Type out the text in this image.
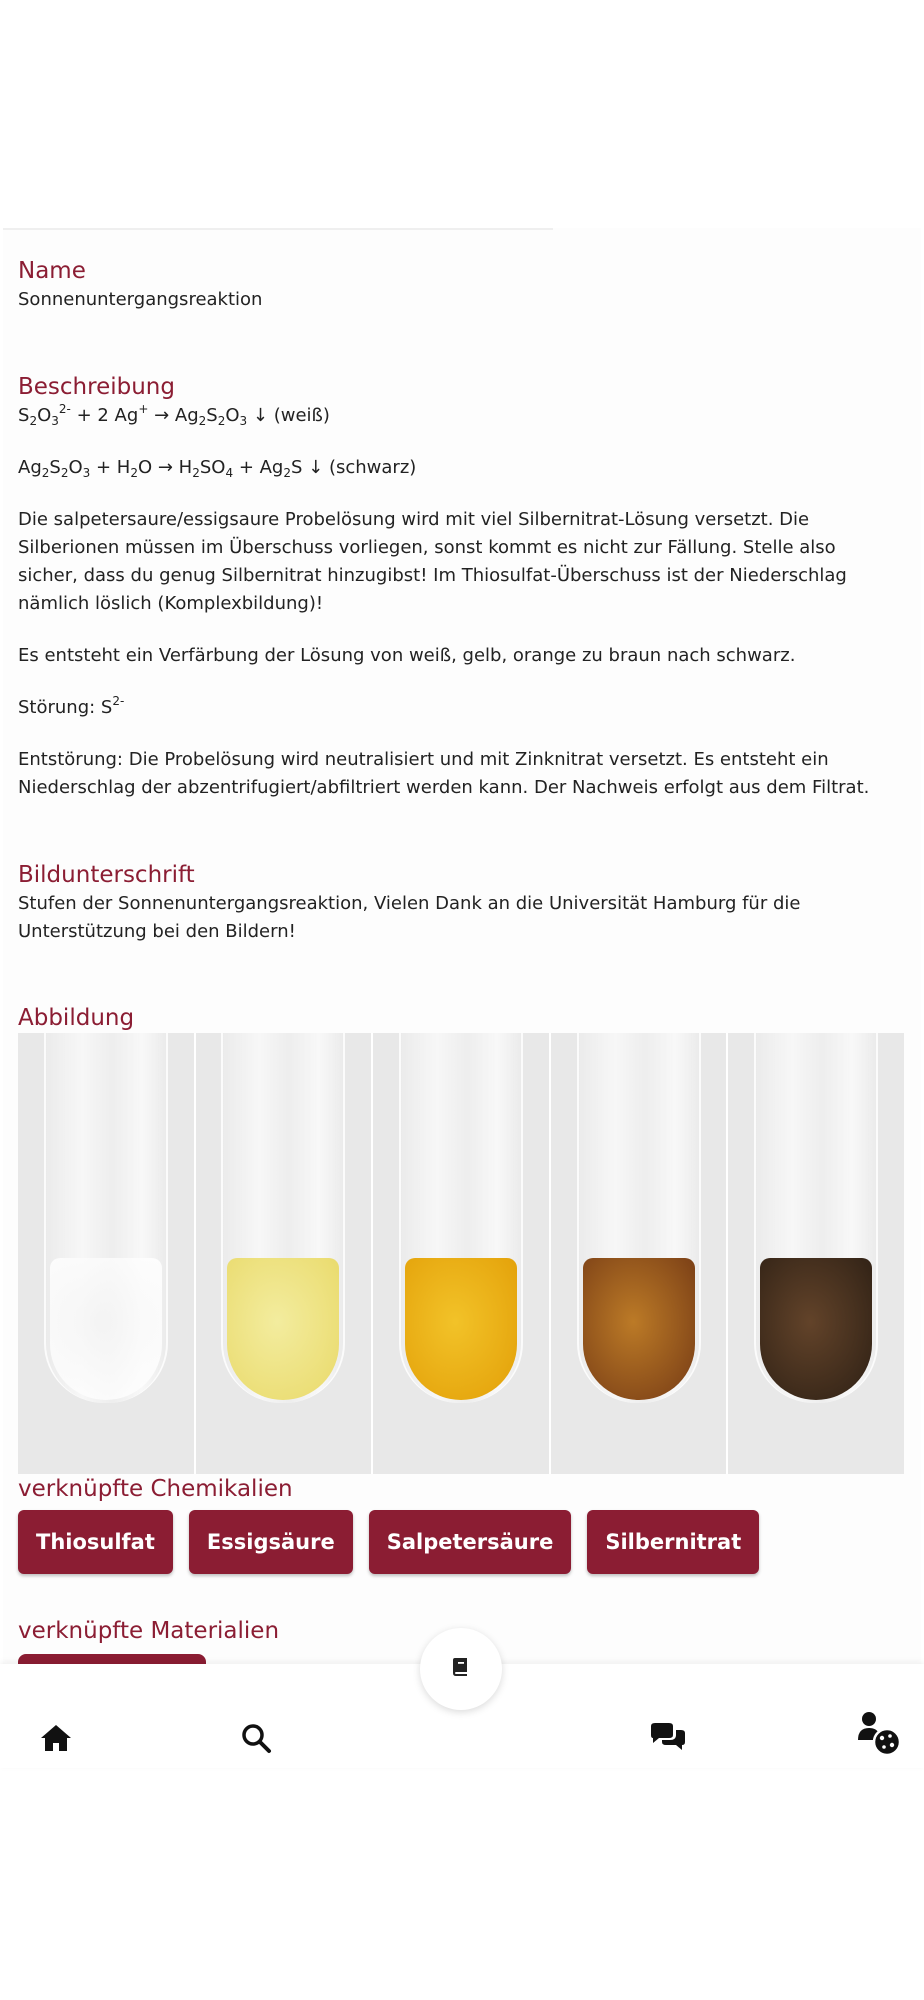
Name

Sonnenuntergangsreaktion

Beschreibung

$S_2O_3^{2-} + 2$ $Ag^+ \to Ag_2S_2O_3$ ↓ (weiß)

$Ag_2S_2O_3 + H_2O \to H_2SO_4 + Ag_2S$ ↓ (schwarz)

Die salpetersaure/essigsaure Probelösung wird mit viel Silbernitrat-Lösung versetzt. Die Silberionen müssen im Überschuss vorliegen, sonst kommt es nicht zur Fällung. Stelle also sicher, dass du genug Silbernitrat hinzugibst! Im Thiosulfat-Überschuss ist der Niederschlag nämlich löslich (Komplexbildung)!

Es entsteht ein Verfärbung der Lösung von weiß, gelb, orange zu braun nach schwarz.

Störung: $S^{2-}$

Entstörung: Die Probelösung wird neutralisiert und mit Zinknitrat versetzt. Es entsteht ein Niederschlag der abzentrifugiert/abfiltriert werden kann. Der Nachweis erfolgt aus dem Filtrat.

Bildunterschrift

Stufen der Sonnenuntergangsreaktion, Vielen Dank an die Universität Hamburg für die Unterstützung bei den Bildern!

Abbildung
verknüpfte Chemikalien
Thiosulfat	Essigsäure	Salpetersäure	Silbernitrat
verknüpfte Materialien
